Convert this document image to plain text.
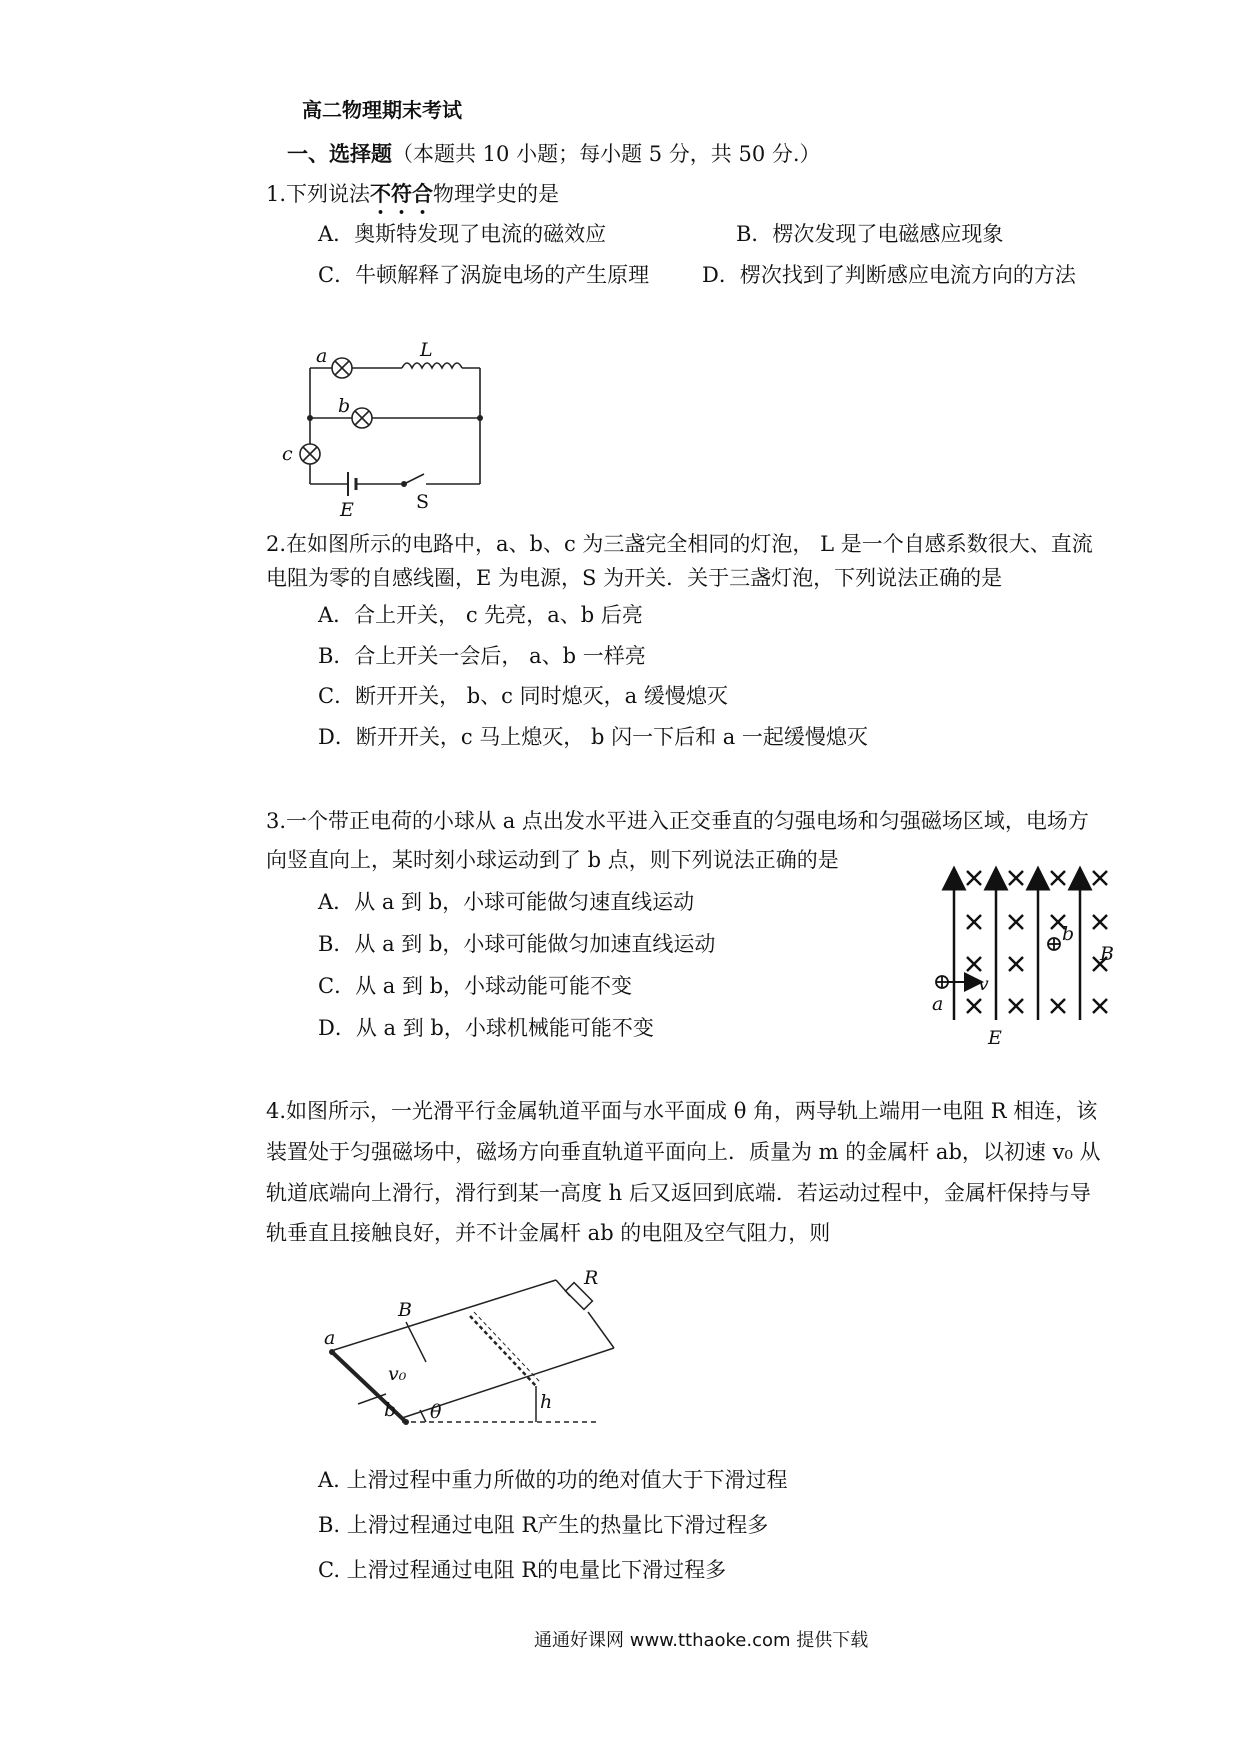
高二物理期末考试
一、选择题（本题共 10 小题；每小题 5 分，共 50 分.）
1.下列说法不符合物理学史的是
A．奥斯特发现了电流的磁效应	B．楞次发现了电磁感应现象
C．牛顿解释了涡旋电场的产生原理	D．楞次找到了判断感应电流方向的方法
a	L
b
c
E	S
2.在如图所示的电路中，a、b、c 为三盏完全相同的灯泡， L 是一个自感系数很大、直流
电阻为零的自感线圈，E 为电源，S 为开关．关于三盏灯泡，下列说法正确的是
A．合上开关， c 先亮，a、b 后亮
B．合上开关一会后， a、b 一样亮
C．断开开关， b、c 同时熄灭，a 缓慢熄灭
D．断开开关，c 马上熄灭， b 闪一下后和 a 一起缓慢熄灭
3.一个带正电荷的小球从 a 点出发水平进入正交垂直的匀强电场和匀强磁场区域，电场方
向竖直向上，某时刻小球运动到了 b 点，则下列说法正确的是
A．从 a 到 b，小球可能做匀速直线运动
B．从 a 到 b，小球可能做匀加速直线运动
C．从 a 到 b，小球动能可能不变
D．从 a 到 b，小球机械能可能不变
v
a
b
B
E
4.如图所示，一光滑平行金属轨道平面与水平面成 θ 角，两导轨上端用一电阻 R 相连，该
装置处于匀强磁场中，磁场方向垂直轨道平面向上．质量为 m 的金属杆 ab，以初速 v₀ 从
轨道底端向上滑行，滑行到某一高度 h 后又返回到底端．若运动过程中，金属杆保持与导
轨垂直且接触良好，并不计金属杆 ab 的电阻及空气阻力，则
a
b
B
R
v₀
h
θ
A. 上滑过程中重力所做的功的绝对值大于下滑过程
B. 上滑过程通过电阻 R产生的热量比下滑过程多
C. 上滑过程通过电阻 R的电量比下滑过程多
通通好课网 www.tthaoke.com 提供下载
